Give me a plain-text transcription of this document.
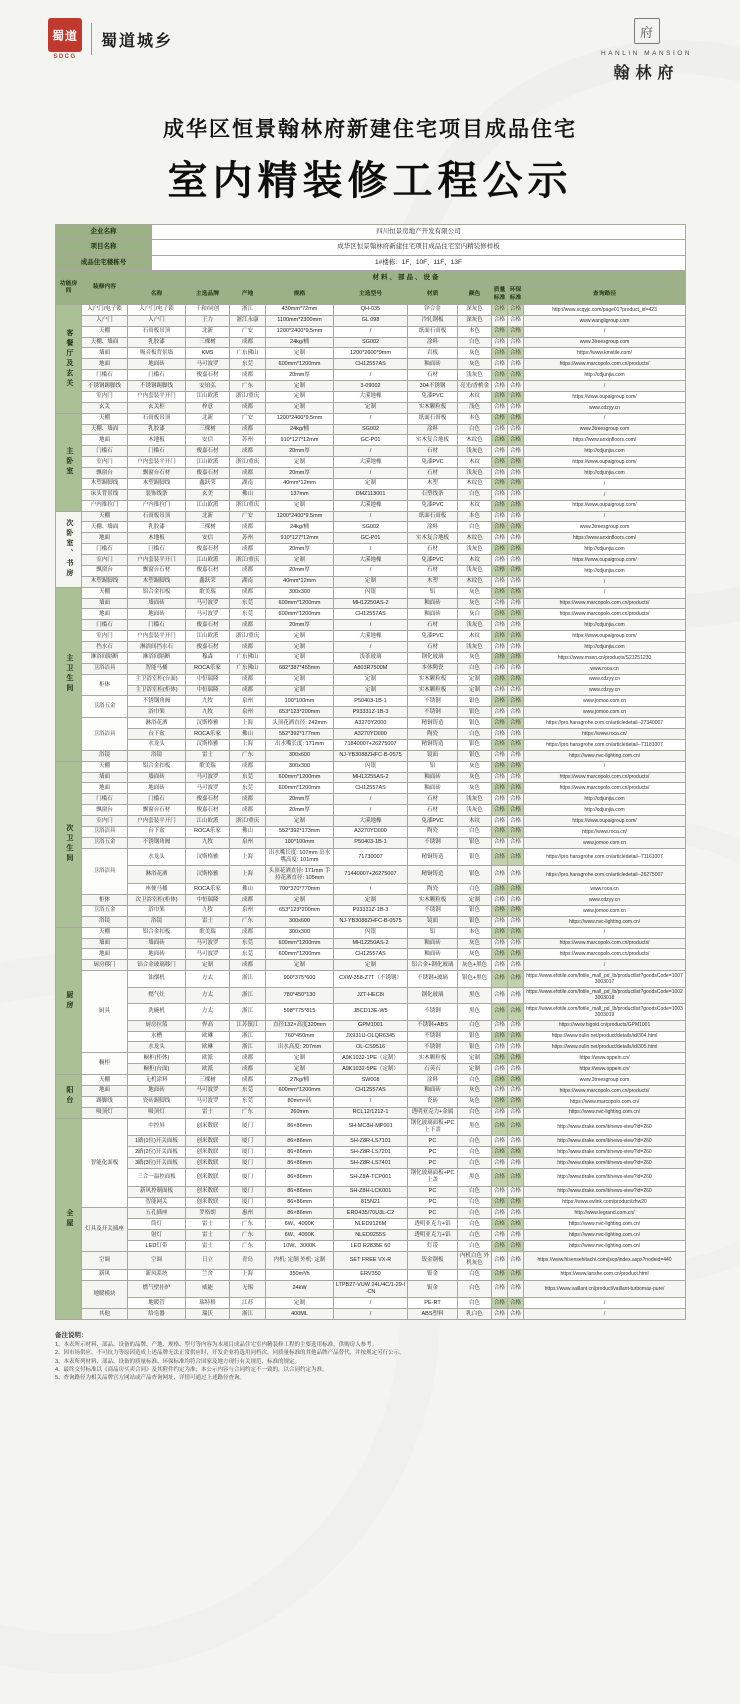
蜀道
SDCG
蜀道城乡
府
HANLIN MANSION
翰林府
成华区恒景翰林府新建住宅项目成品住宅
室内精装修工程公示
企业名称	四川恒景房地产开发有限公司
项目名称	成华区恒景翰林府新建住宅项目成品住宅室内精装修样板
成品住宅楼栋号	1#楼栋：1F、10F、11F、13F
功能房间	装修内容	材料、部品、设备									
		名称	主选品牌	产地	规格	主选型号	材质	颜色	质量标准	环保标准	查询路径
客餐厅及玄关	入户门/电子锁	入户门/电子锁	千和/同创	浙江	430mm*72mm	QH-035	锌合金	深灰色	合格	合格	http://www.scqyjc.com/page01?product_id=423
	入户门	入户门	王力	浙江永康	1100mm*2300mm	GL 098	冷轧钢板	深灰色	合格	合格	www.wangligroup.com
	天棚	石膏板吊顶	北新	广安	1200*2400*9.5mm	/	纸面石膏板	本色	合格	合格	/
	天棚、墙面	乳胶漆	三棵树	成都	24kg/桶	SG002	涂料	白色	合格	合格	www.3treesgroup.com
	墙面	吸音板背景墙	KMS	广东佛山	定制	1200*2600*9mm	岩板	灰色	合格	合格	https://www.kmstile.com/
	地面	地面砖	马可波罗	东莞	600mm*1200mm	CH12557AS	釉面砖	灰色	合格	合格	https://www.marcopolo.com.cn/products/
	门槛石	门槛石	俊嘉石材	成都	20mm厚	/	石材	浅灰色	合格	合格	http://cdjunjia.com
	不锈钢踢脚线	不锈钢踢脚线	安铂弘	广东	定制	3-09002	304不锈钢	亮光/香槟金	合格	合格	/
	室内门	户内套装平开门	江山欧派	浙江/重庆	定制	大溪地橡	免漆PVC	木纹	合格	合格	https://www.oupaigroup.com/
	玄关	玄关柜	梓意	成都	定制	定制	实木颗粒板	浅色	合格	合格	www.cdzyy.cn
主卧室	天棚	石膏板吊顶	北新	广安	1200*2400*9.5mm	/	纸面石膏板	本色	合格	合格	/
	天棚、墙面	乳胶漆	三棵树	成都	24kg/桶	SG002	涂料	白色	合格	合格	www.3treesgroup.com
	地面	木地板	安信	苏州	910*127*12mm	GC-P01	实木复合地板	木纹色	合格	合格	https://www.anxinfloors.com/
	门槛石	门槛石	俊嘉石材	成都	20mm厚	/	石材	浅灰色	合格	合格	http://cdjunjia.com
	室内门	户内套装平开门	江山欧派	浙江/重庆	定制	大溪地橡	免漆PVC	木纹	合格	合格	https://www.oupaigroup.com/
	飘窗台	飘窗台石材	俊嘉石材	成都	20mm厚	/	石材	浅灰色	合格	合格	http://cdjunjia.com
	木塑踢脚线	木塑踢脚线	鑫跃荣	湖南	40mm*12mm	定制	木塑	木纹色	合格	合格	/
	床头背景线	装饰线条	玄美	佛山	137mm	DMZ113001	石塑线条	白色	合格	合格	/
	户内推拉门	户内推拉门	江山欧派	浙江/重庆	定制	大溪地橡	免漆PVC	木纹	合格	合格	https://www.oupaigroup.com/
次卧室、书房	天棚	石膏板吊顶	北新	广安	1200*2400*9.5mm	/	纸面石膏板	本色	合格	合格	/
	天棚、墙面	乳胶漆	三棵树	成都	24kg/桶	SG002	涂料	白色	合格	合格	www.3treesgroup.com
	地面	木地板	安信	苏州	910*127*12mm	GC-P01	实木复合地板	木纹色	合格	合格	https://www.anxinfloors.com/
	门槛石	门槛石	俊嘉石材	成都	20mm厚	/	石材	浅灰色	合格	合格	http://cdjunjia.com
	室内门	户内套装平开门	江山欧派	浙江/重庆	定制	大溪地橡	免漆PVC	木纹	合格	合格	https://www.oupaigroup.com/
	飘窗台	飘窗台石材	俊嘉石材	成都	20mm厚	/	石材	浅灰色	合格	合格	http://cdjunjia.com
	木塑踢脚线	木塑踢脚线	鑫跃荣	湖南	40mm*12mm	定制	木塑	木纹色	合格	合格	/
主卫生间	天棚	铝合金扣板	歌美瑞	成都	300x300	闪银	铝	灰色	合格	合格	/
	墙面	墙面砖	马可波罗	东莞	600mm*1200mm	MH12250AS-2	釉面砖	灰色	合格	合格	https://www.marcopolo.com.cn/products/
	地面	地面砖	马可波罗	东莞	600mm*1200mm	CH12557AS	釉面砖	灰白	合格	合格	https://www.marcopolo.com.cn/products/
	门槛石	门槛石	俊嘉石材	成都	20mm厚	/	石材	浅灰色	合格	合格	http://cdjunjia.com
	室内门	户内套装平开门	江山欧派	浙江/重庆	定制	大溪地橡	免漆PVC	木纹	合格	合格	https://www.oupaigroup.com/
	挡水石	淋浴间挡水石	俊嘉石材	成都	定制	/	石材	浅灰色	合格	合格	http://cdjunjia.com
	淋浴间隔断	淋浴间隔断	穆森	广东佛山	定制	浅茶玻璃	钢化玻璃	灰色	合格	合格	https://www.msen.cn/products/S21251230
	卫浴洁具	智能马桶	ROCA乐家	广东佛山	682*387*455mm	A803R7500M	本体陶瓷	白色	合格	合格	www.roca.cn
	柜体	主卫浴室柜(台面)	中恒瑞隆	成都	定制	定制	实木颗粒板	定制	合格	合格	www.cdzyy.cn
		主卫浴室柜(柜体)	中恒瑞隆	成都	定制	定制	实木颗粒板	定制	合格	合格	www.cdzyy.cn
	卫浴五金	不锈钢角阀	九牧	泉州	100*100mm	P50403-1B-1	不锈钢	银色	合格	合格	www.jomoo.com.cn
		浴巾架	九牧	泉州	653*123*200mm	P93331Z-1B-3	不锈钢	银色	合格	合格	www.jomoo.com.cn
	卫浴洁具	淋浴花洒	汉斯格雅	上海	头顶花洒直径: 242mm	A3270Y2000	精铜铸造	银色	合格	合格	https://pro.hansgrohe.com.cn/articledetail--27340007
		台下盆	ROCA乐家	佛山	552*392*177mm	A3270YD000	陶瓷	白色	合格	合格	https://www.roca.cn/
		水龙头	汉斯格雅	上海	出水嘴长度: 171mm	71840007+26275007	精铜铸造	银色	合格	合格	https://pro.hansgrohe.com.cn/articledetail--71181007
	浴镜	浴镜	雷士	广东	300x600	NJ-YB3088ZHFC-B-0575	镜面	银色	合格	合格	https://www.nvc-lighting.com.cn/
次卫生间	天棚	铝合金扣板	歌美瑞	成都	300x300	闪银	铝	灰色	合格	合格	/
	墙面	墙面砖	马可波罗	东莞	600mm*1200mm	MH12255AS-2	釉面砖	灰色	合格	合格	https://www.marcopolo.com.cn/products/
	地面	地面砖	马可波罗	东莞	600mm*1200mm	CH12557AS	釉面砖	灰色	合格	合格	https://www.marcopolo.com.cn/products/
	门槛石	门槛石	俊嘉石材	成都	20mm厚	/	石材	浅灰色	合格	合格	http://cdjunjia.com
	飘窗台	飘窗台石材	俊嘉石材	成都	20mm厚	/	石材	浅灰色	合格	合格	http://cdjunjia.com
	室内门	户内套装平开门	江山欧派	浙江/重庆	定制	大溪地橡	免漆PVC	木纹	合格	合格	https://www.oupaigroup.com/
	卫浴洁具	台下盆	ROCA乐家	佛山	552*392*173mm	A3270YD000	陶瓷	白色	合格	合格	https://www.roca.cn/
	卫浴五金	不锈钢角阀	九牧	泉州	100*100mm	P50403-1B-1	不锈钢	银色	合格	合格	www.jomoo.com.cn
	卫浴洁具	水龙头	汉斯格雅	上海	出水嘴长度: 107mm 出水嘴高度: 101mm	71730007	精铜铸造	银色	合格	合格	https://pro.hansgrohe.com.cn/articledetail--71161007
		淋浴花洒	汉斯格雅	上海	头顶花洒直径: 171mm 手持花洒直径: 105mm	71440007+26275007	精铜铸造	银色	合格	合格	https://pro.hansgrohe.com.cn/articledetail--26275007
		座便马桶	ROCA乐家	佛山	700*370*770mm	/	陶瓷	白色	合格	合格	www.roca.cn
	柜体	次卫浴室柜(柜体)	中恒瑞隆	成都	定制	定制	实木颗粒板	定制	合格	合格	www.cdzyy.cn
	卫浴五金	浴巾架	九牧	泉州	653*123*200mm	P93331Z-1B-3	不锈钢	银色	合格	合格	www.jomoo.com.cn
	浴镜	浴镜	雷士	广东	300x600	NJ-YB3088ZHFC-B-0575	镜面	银色	合格	合格	https://www.nvc-lighting.com.cn/
厨房	天棚	铝合金扣板	歌美瑞	成都	300x300	闪银	铝	本色	合格	合格	/
	墙面	墙面砖	马可波罗	东莞	600mm*1200mm	MH12250AS-2	釉面砖	灰色	合格	合格	https://www.marcopolo.com.cn/products/
	地面	地面砖	马可波罗	东莞	600mm*1200mm	CH12557AS	釉面砖	灰色	合格	合格	https://www.marcopolo.com.cn/products/
	厨房移门	铝合金玻璃移门	定制	成都	定制	定制	铝合金+钢化玻璃	灰色+黑色	合格	合格	/
	厨具	油烟机	方太	浙江	900*375*600	CXW-358-Z7T（不锈钢）	不锈钢+玻璃	银色+黑色	合格	合格	https://www.efotile.com/fotile_mall_pd_lb/productlist?goodsCode=10073003017
		燃气灶	方太	浙江	780*450*130	JZT-HEC8i	钢化玻璃	黑色	合格	合格	https://www.efotile.com/fotile_mall_pd_lb/productlist?goodsCode=10023003018
		洗碗机	方太	浙江	598*775*815	JBCD13E-W5	不锈钢	黑色	合格	合格	https://www.efotile.com/fotile_mall_pd_lb/productlist?goodsCode=10033003019
		厨房拉篮	悍高	江苏镇江	直径132×高度320mm	GPM1001	不锈钢+ABS	白色	合格	合格	https://www.higold.cn/products/GPM1001
		水槽	欧琳	浙江	760*450mm	JX931U-OLQR6345	不锈钢	银色	合格	合格	https://www.oulin.net/product/details/id/304.html
		水龙头	欧琳	浙江	出水高度: 207mm	OL-CS9516	不锈钢	银色	合格	合格	https://www.oulin.net/product/details/id/305.html
	橱柜	橱柜(柜体)	欧派	成都	定制	A9K1032-1PE（定制）	实木颗粒板	定制	合格	合格	https://www.oppein.cn/
		橱柜(台面)	欧派	成都	定制	A9K1032-5PE（定制）	石英石	定制	合格	合格	https://www.oppein.cn/
阳台	天棚	无机涂料	三棵树	成都	27kg/桶	SW008	涂料	白色	合格	合格	www.3treesgroup.com
	地面	地面砖	马可波罗	东莞	600mm*1200mm	CH12557AS	釉面砖	灰色	合格	合格	https://www.marcopolo.com.cn/products/
	踢脚线	瓷砖踢脚线	马可波罗	东莞	80mm×砖	/	瓷砖	灰色	合格	合格	https://www.marcopolo.com.cn/
	吸顶灯	吸顶灯	雷士	广东	260mm	RCL12/1212-1	透明亚克力+金属	白色	合格	合格	https://www.nvc-lighting.com.cn/
全屋	智能化面板	中控屏	创米数联	厦门	86×86mm	SH-MC8H-MP001	钢化玻璃面板+PC上下盖	黑色	合格	合格	http://www.drake.com/it/news-view?id=260
		1路(1位)开关面板	创米数联	厦门	86×86mm	SH-Z8R-LS7101	PC	白色	合格	合格	http://www.drake.com/it/news-view?id=260
		2路(2位)开关面板	创米数联	厦门	86×86mm	SH-Z8R-LS7201	PC	白色	合格	合格	http://www.drake.com/it/news-view?id=260
		3路(3位)开关面板	创米数联	厦门	86×86mm	SH-Z8R-LS7401	PC	白色	合格	合格	http://www.drake.com/it/news-view?id=260
		三合一温控面板	创米数联	厦门	86×86mm	SH-Z8A-TCP001	钢化玻璃面板+PC上盖	黑色	合格	合格	http://www.drake.com/it/news-view?id=260
		新风控制面板	创米数联	厦门	86×86mm	SH-Z8H-LCK001	PC	白色	合格	合格	http://www.drake.com/it/news-view?id=260
		智能网关	创米数联	厦门	86×86mm	815N21	PC	白色	合格	合格	https://www.evlink.com/product/zhw20
	灯具及开关插座	五孔插座	罗格朗	惠州	86×86mm	ERD435/70U3L-C2	PC	白色	合格	合格	http://www.legrand.com.cn/
		筒灯	雷士	广东	6W、4000K	NLED9126M	透明亚克力+铝	白色	合格	合格	https://www.nvc-lighting.com.cn/
		射灯	雷士	广东	6W、4000K	NLED9255S	透明亚克力+铝	白色	合格	合格	https://www.nvc-lighting.com.cn/
		LED灯带	雷士	广东	10W、3000K	LED R2835E 60	灯带	白色	合格	合格	https://www.nvc-lighting.com.cn/
	空调	空调	日立	青岛	内机: 定制 外机: 定制	SET FREE VX-R	钣金钢板	内机白色 外机灰色	合格	合格	https://www.hisensehitachi.com/jscp/index.aspx?nodeid=440
	新风	新风系统	兰舍	上海	350m³/h	ERV350	钣金	白色	合格	合格	https://www.lanshe.com.cn/product.html
	地暖模块	燃气壁挂炉	威能	无锡	24kW	LTPB27-VUW 24L/4C/1-29-I-CN	钣金	白色	合格	合格	https://www.vaillant.cn/product/vaillant-turbomax-pure/
		地暖管	瑞特格	江苏	定制	/	PE-RT	白色	合格	合格	/
	其他	给皂器	瑞沃	浙江	400ML	/	ABS塑料	乳白色	合格	合格	/
备注说明：
1、本表所示材料、部品、设备的品牌、产地、规格、型号等内容为本项目成品住宅室内精装修工程的主要选用标准，供购房人参考。
2、因市场供应、不可抗力等原因造成上述品牌无法正常供应时，开发企业将选用同档次、同质量标准的其他品牌产品替代，并按规定另行公示。
3、本表所列材料、部品、设备的质量标准、环保标准均符合国家及地方现行有关规范、标准的规定。
4、最终交付标准以《商品房买卖合同》及其附件约定为准；本公示内容与合同约定不一致的，以合同约定为准。
5、查询路径为相关品牌官方网站或产品查询网址，详情可通过上述路径查询。
